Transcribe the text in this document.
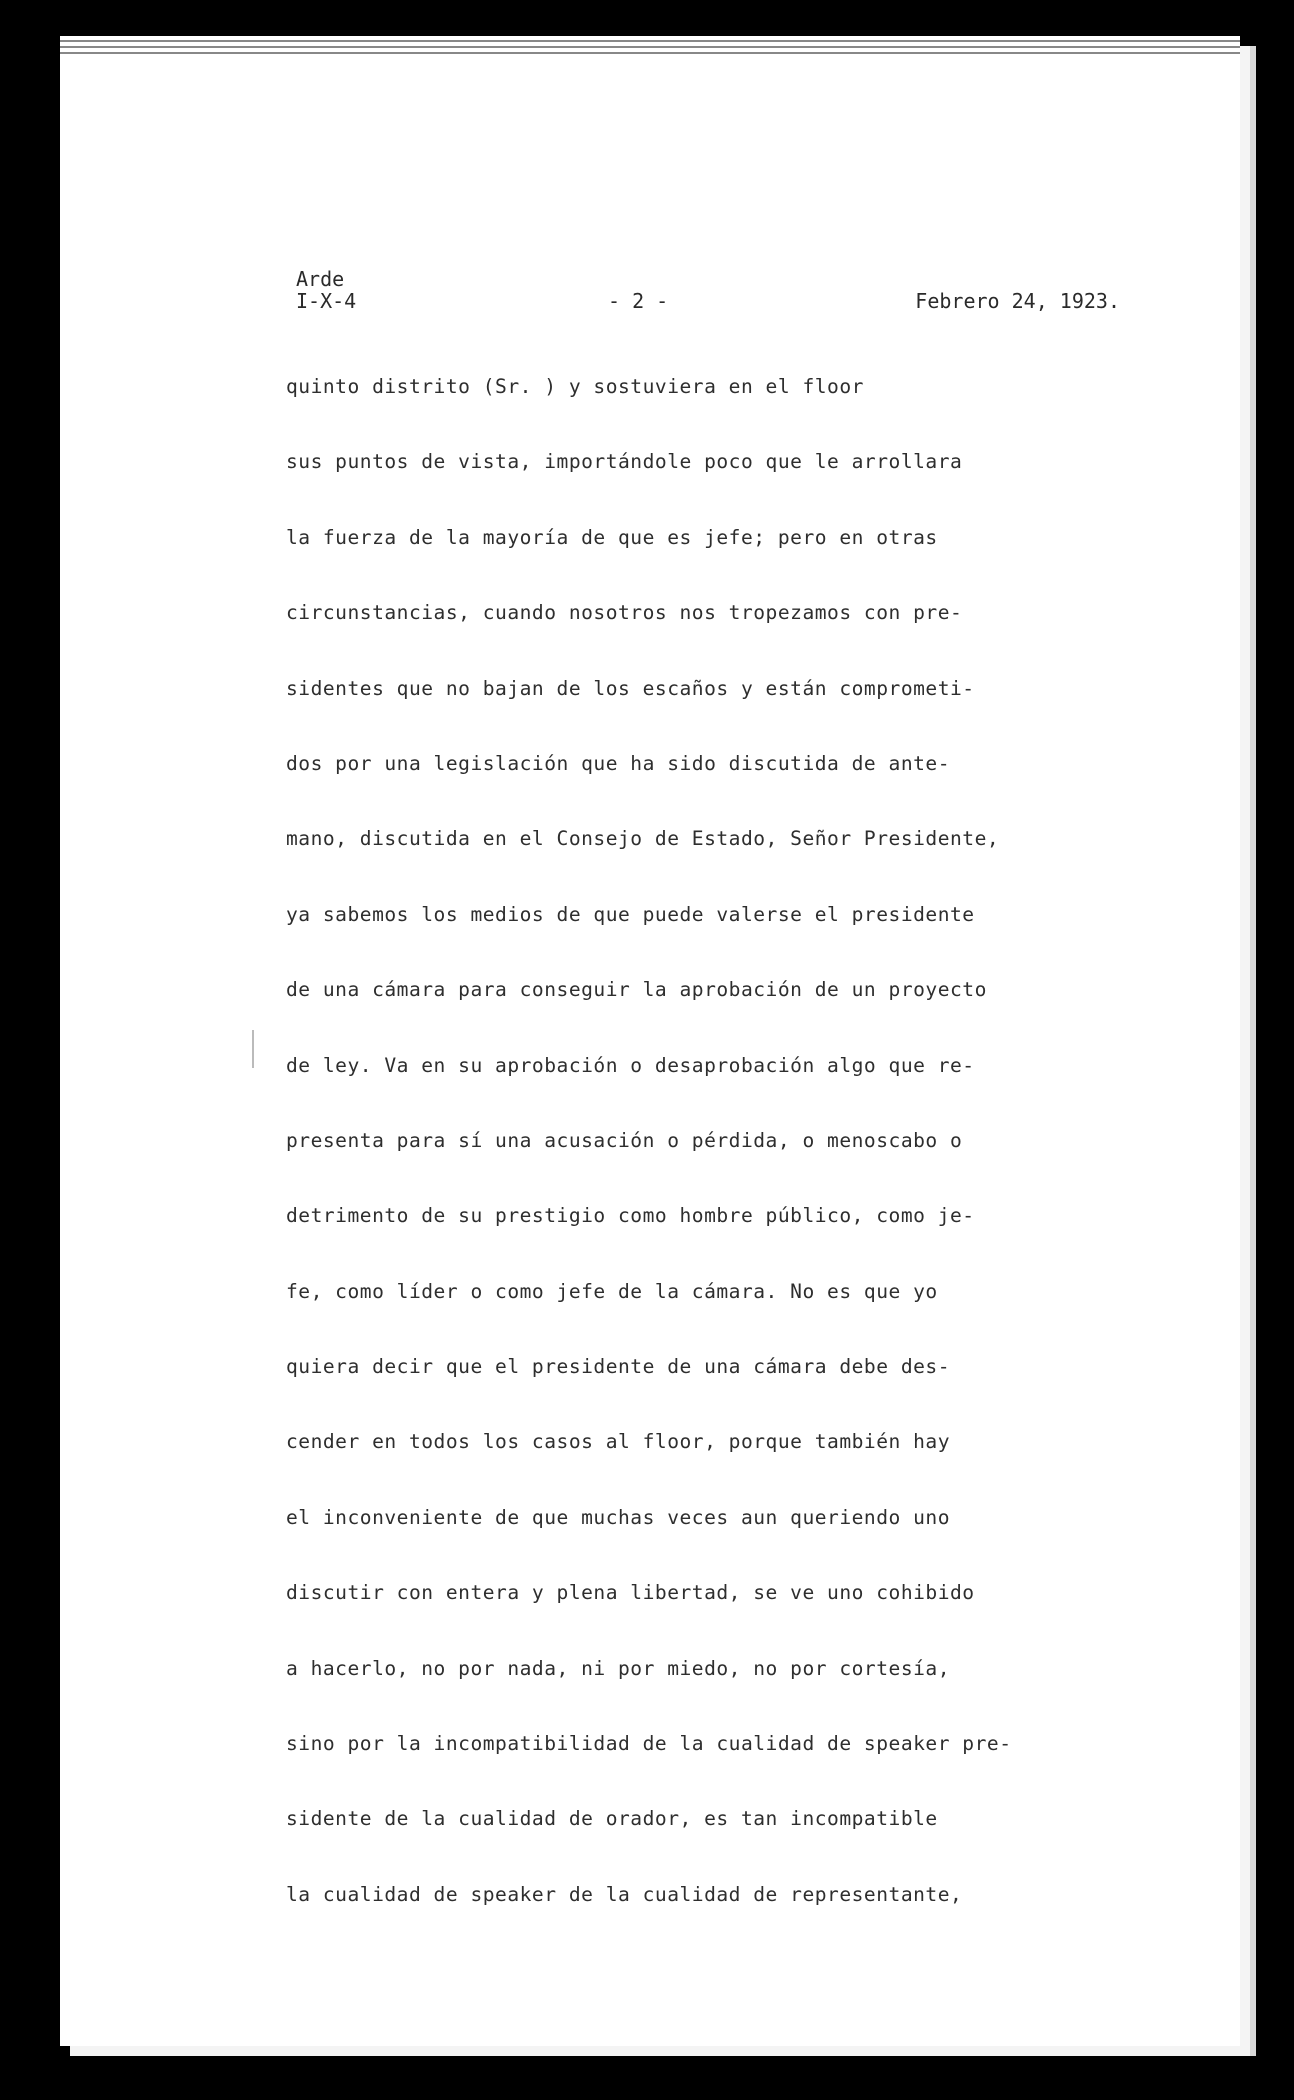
Arde
I-X-4	- 2 -	Febrero 24, 1923.
quinto distrito (Sr. ) y sostuviera en el floor
sus puntos de vista, importándole poco que le arrollara
la fuerza de la mayoría de que es jefe; pero en otras
circunstancias, cuando nosotros nos tropezamos con pre-
sidentes que no bajan de los escaños y están comprometi-
dos por una legislación que ha sido discutida de ante-
mano, discutida en el Consejo de Estado, Señor Presidente,
ya sabemos los medios de que puede valerse el presidente
de una cámara para conseguir la aprobación de un proyecto
de ley. Va en su aprobación o desaprobación algo que re-
presenta para sí una acusación o pérdida, o menoscabo o
detrimento de su prestigio como hombre público, como je-
fe, como líder o como jefe de la cámara. No es que yo
quiera decir que el presidente de una cámara debe des-
cender en todos los casos al floor, porque también hay
el inconveniente de que muchas veces aun queriendo uno
discutir con entera y plena libertad, se ve uno cohibido
a hacerlo, no por nada, ni por miedo, no por cortesía,
sino por la incompatibilidad de la cualidad de speaker pre-
sidente de la cualidad de orador, es tan incompatible
la cualidad de speaker de la cualidad de representante,
